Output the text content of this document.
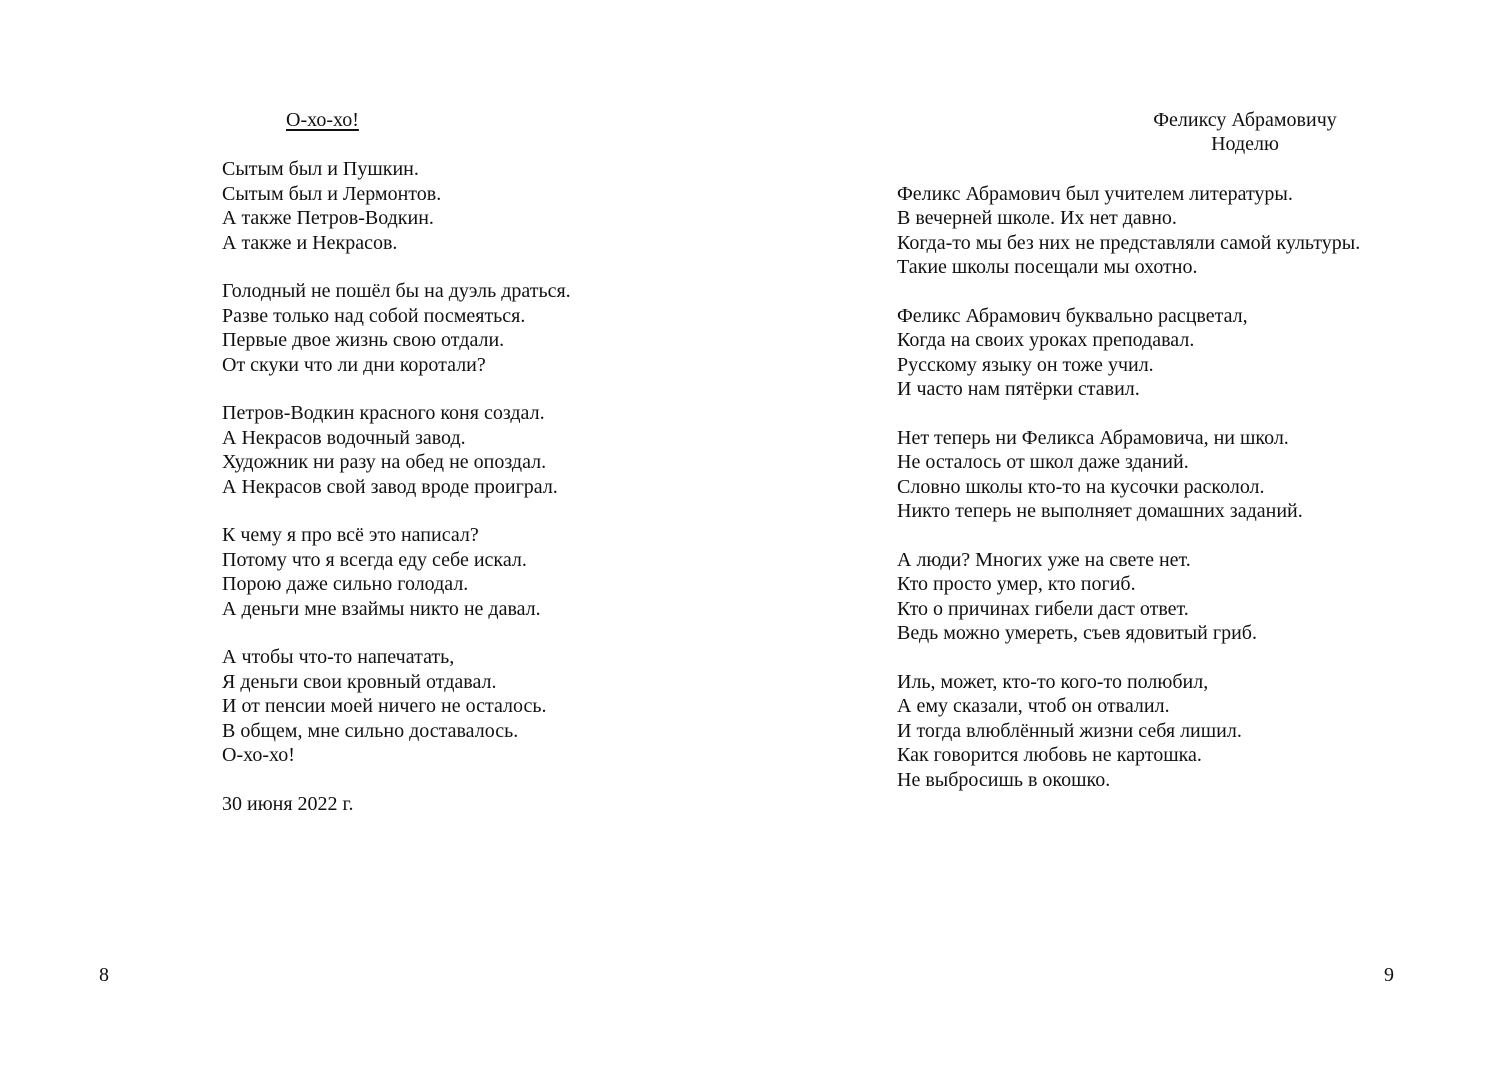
О-хо-хо!
Сытым был и Пушкин.
Сытым был и Лермонтов.
А также Петров-Водкин.
А также и Некрасов.
Голодный не пошёл бы на дуэль драться.
Разве только над собой посмеяться.
Первые двое жизнь свою отдали.
От скуки что ли дни коротали?
Петров-Водкин красного коня создал.
А Некрасов водочный завод.
Художник ни разу на обед не опоздал.
А Некрасов свой завод вроде проиграл.
К чему я про всё это написал?
Потому что я всегда еду себе искал.
Порою даже сильно голодал.
А деньги мне взаймы никто не давал.
А чтобы что-то напечатать,
Я деньги свои кровный отдавал.
И от пенсии моей ничего не осталось.
В общем, мне сильно доставалось.
О-хо-хо!
30 июня 2022 г.
8
Феликсу Абрамовичу
Ноделю
Феликс Абрамович был учителем литературы.
В вечерней школе. Их нет давно.
Когда-то мы без них не представляли самой культуры.
Такие школы посещали мы охотно.
Феликс Абрамович буквально расцветал,
Когда на своих уроках преподавал.
Русскому языку он тоже учил.
И часто нам пятёрки ставил.
Нет теперь ни Феликса Абрамовича, ни школ.
Не осталось от школ даже зданий.
Словно школы кто-то на кусочки расколол.
Никто теперь не выполняет домашних заданий.
А люди? Многих уже на свете нет.
Кто просто умер, кто погиб.
Кто о причинах гибели даст ответ.
Ведь можно умереть, съев ядовитый гриб.
Иль, может, кто-то кого-то полюбил,
А ему сказали, чтоб он отвалил.
И тогда влюблённый жизни себя лишил.
Как говорится любовь не картошка.
Не выбросишь в окошко.
9
